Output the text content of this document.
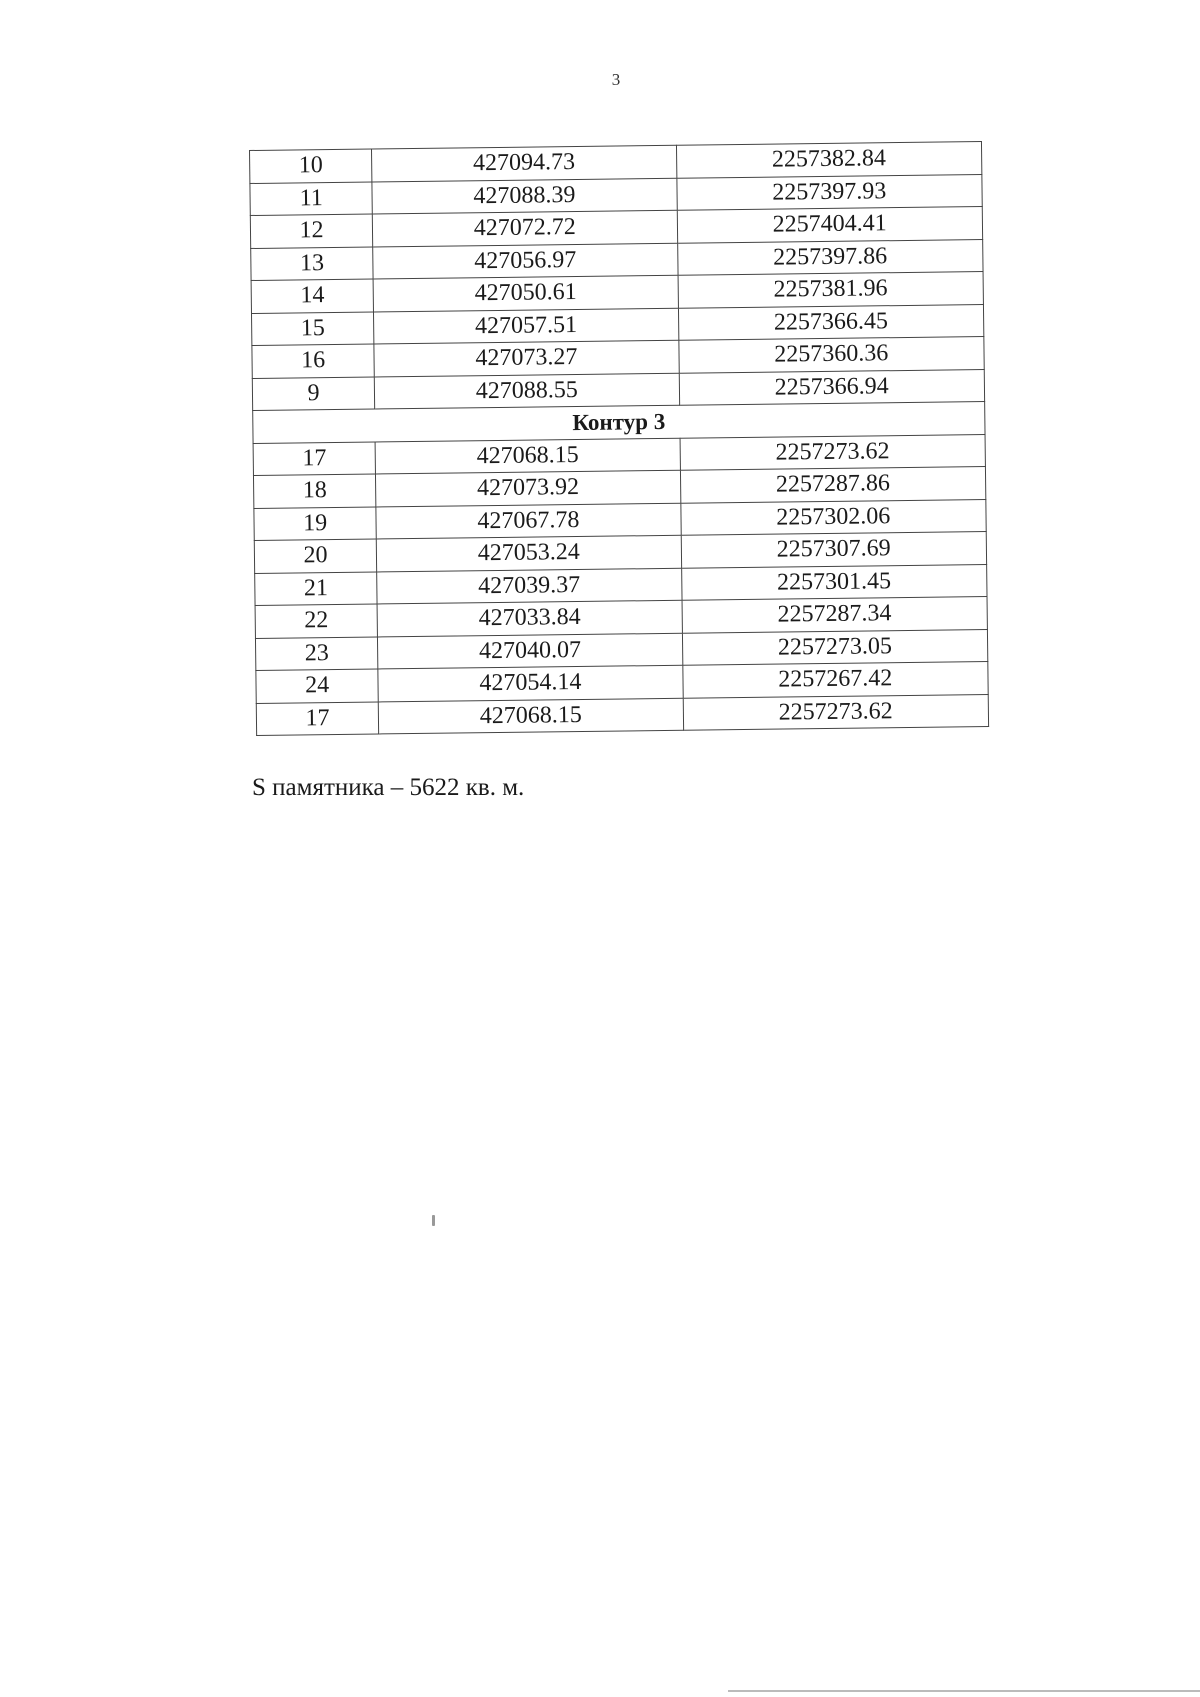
3
10	427094.73	2257382.84
11	427088.39	2257397.93
12	427072.72	2257404.41
13	427056.97	2257397.86
14	427050.61	2257381.96
15	427057.51	2257366.45
16	427073.27	2257360.36
9	427088.55	2257366.94
Контур 3		
17	427068.15	2257273.62
18	427073.92	2257287.86
19	427067.78	2257302.06
20	427053.24	2257307.69
21	427039.37	2257301.45
22	427033.84	2257287.34
23	427040.07	2257273.05
24	427054.14	2257267.42
17	427068.15	2257273.62
S памятника – 5622 кв. м.
